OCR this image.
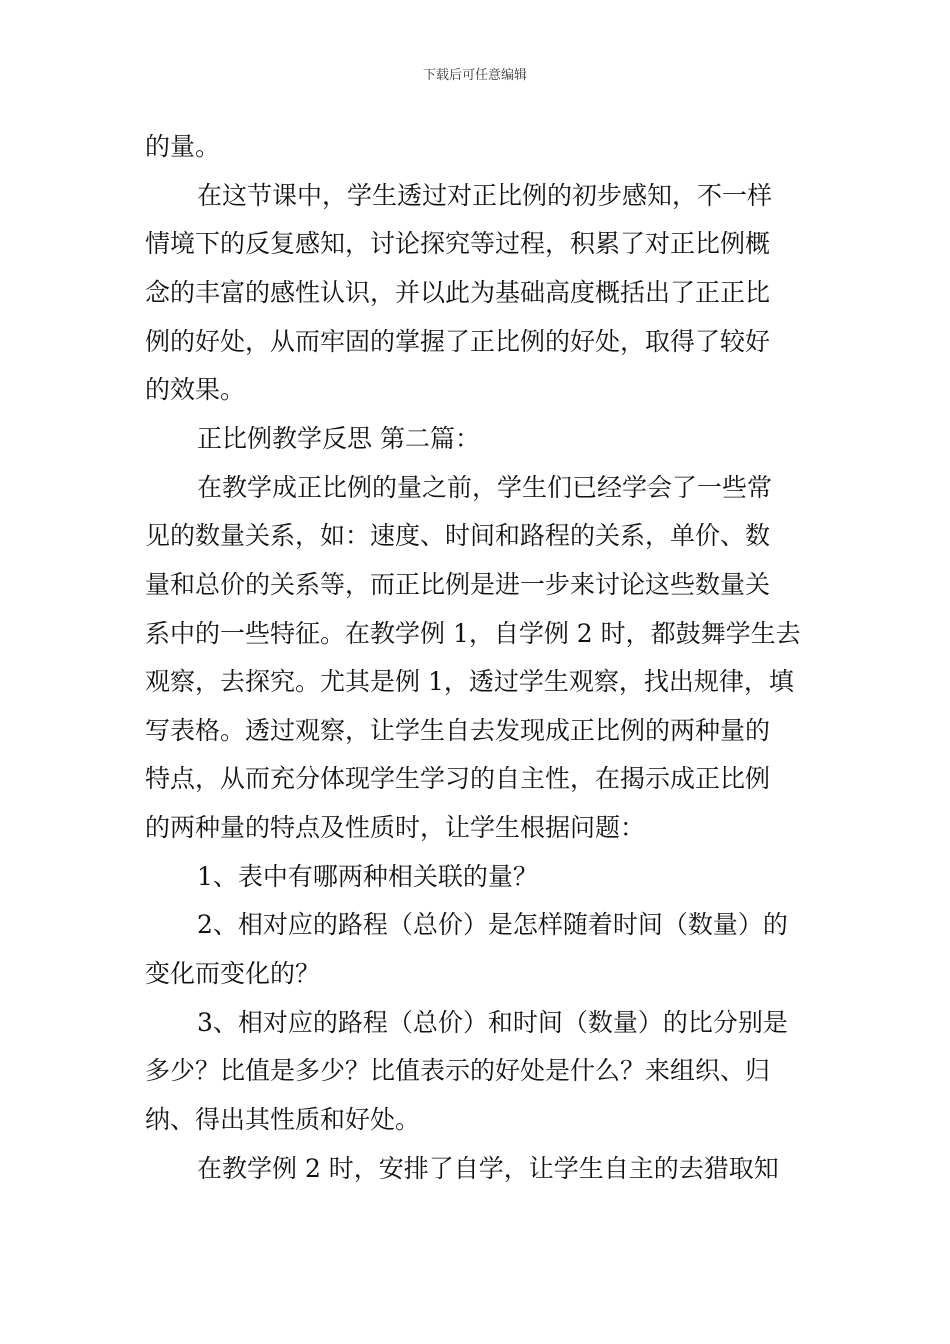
下载后可任意编辑
的量。
在这节课中，学生透过对正比例的初步感知，不一样
情境下的反复感知，讨论探究等过程，积累了对正比例概
念的丰富的感性认识，并以此为基础高度概括出了正正比
例的好处，从而牢固的掌握了正比例的好处，取得了较好
的效果。
正比例教学反思 第二篇：
在教学成正比例的量之前，学生们已经学会了一些常
见的数量关系，如：速度、时间和路程的关系，单价、数
量和总价的关系等，而正比例是进一步来讨论这些数量关
系中的一些特征。在教学例 1，自学例 2 时，都鼓舞学生去
观察，去探究。尤其是例 1，透过学生观察，找出规律，填
写表格。透过观察，让学生自去发现成正比例的两种量的
特点，从而充分体现学生学习的自主性，在揭示成正比例
的两种量的特点及性质时，让学生根据问题：
1、表中有哪两种相关联的量？
2、相对应的路程（总价）是怎样随着时间（数量）的
变化而变化的？
3、相对应的路程（总价）和时间（数量）的比分别是
多少？比值是多少？比值表示的好处是什么？来组织、归
纳、得出其性质和好处。
在教学例 2 时，安排了自学，让学生自主的去猎取知
